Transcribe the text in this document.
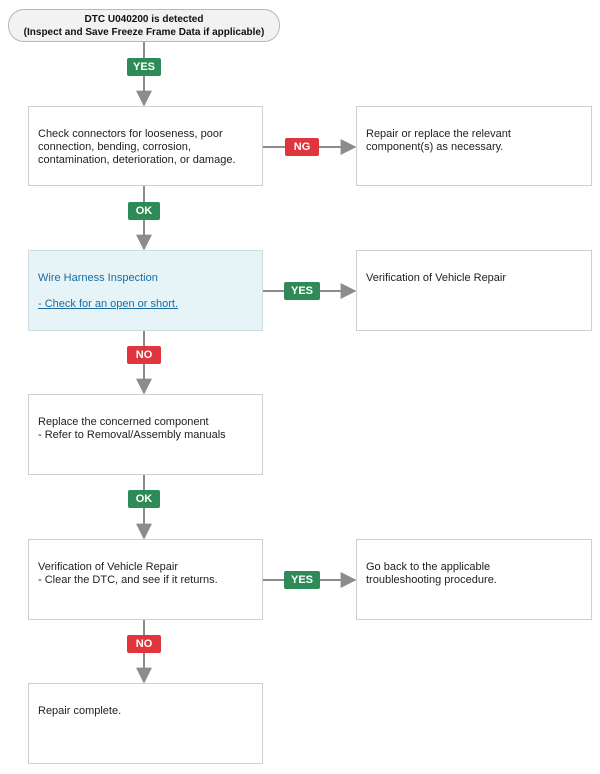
DTC U040200 is detected
(Inspect and Save Freeze Frame Data if applicable)

Check connectors for looseness, poor
connection, bending, corrosion,
contamination, deterioration, or damage.

Repair or replace the relevant
component(s) as necessary.

Wire Harness Inspection

- Check for an open or short.

Verification of Vehicle Repair

Replace the concerned component
- Refer to Removal/Assembly manuals

Verification of Vehicle Repair
- Clear the DTC, and see if it returns.

Go back to the applicable
troubleshooting procedure.

Repair complete.

YES
NG
OK
YES
NO
OK
YES
NO
